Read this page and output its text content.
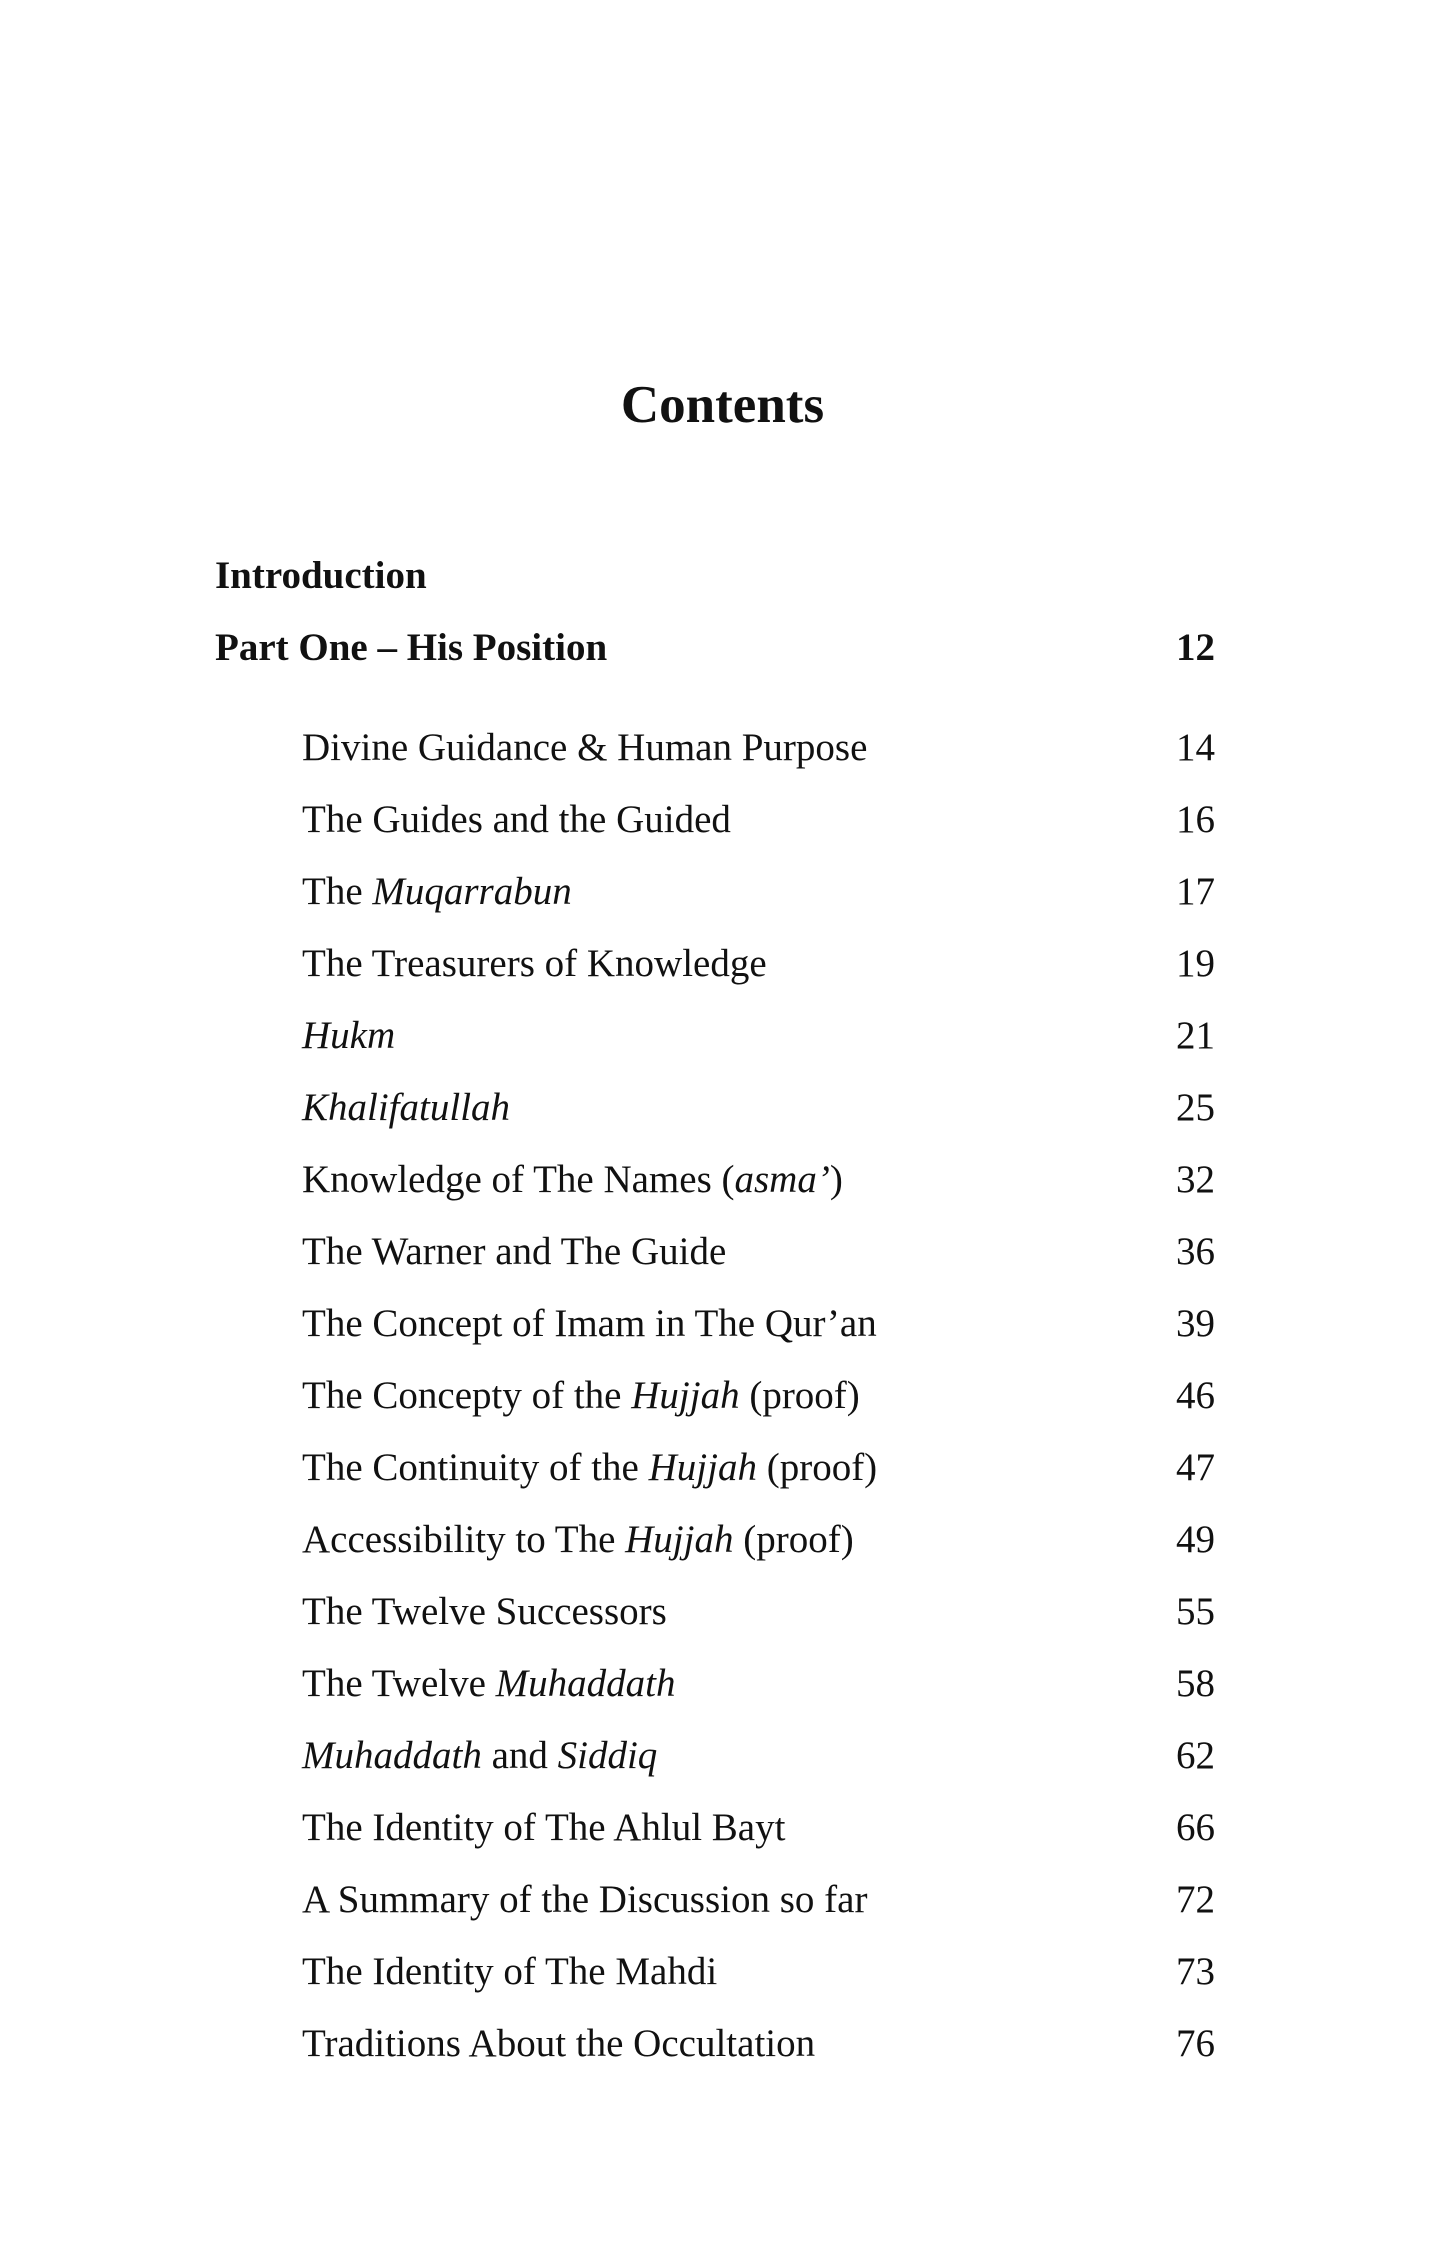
Contents
Introduction
Part One – His Position	12
Divine Guidance & Human Purpose	14
The Guides and the Guided	16
The Muqarrabun	17
The Treasurers of Knowledge	19
Hukm	21
Khalifatullah	25
Knowledge of The Names (asma’)	32
The Warner and The Guide	36
The Concept of Imam in The Qur’an	39
The Concepty of the Hujjah (proof)	46
The Continuity of the Hujjah (proof)	47
Accessibility to The Hujjah (proof)	49
The Twelve Successors	55
The Twelve Muhaddath	58
Muhaddath and Siddiq	62
The Identity of The Ahlul Bayt	66
A Summary of the Discussion so far	72
The Identity of The Mahdi	73
Traditions About the Occultation	76
